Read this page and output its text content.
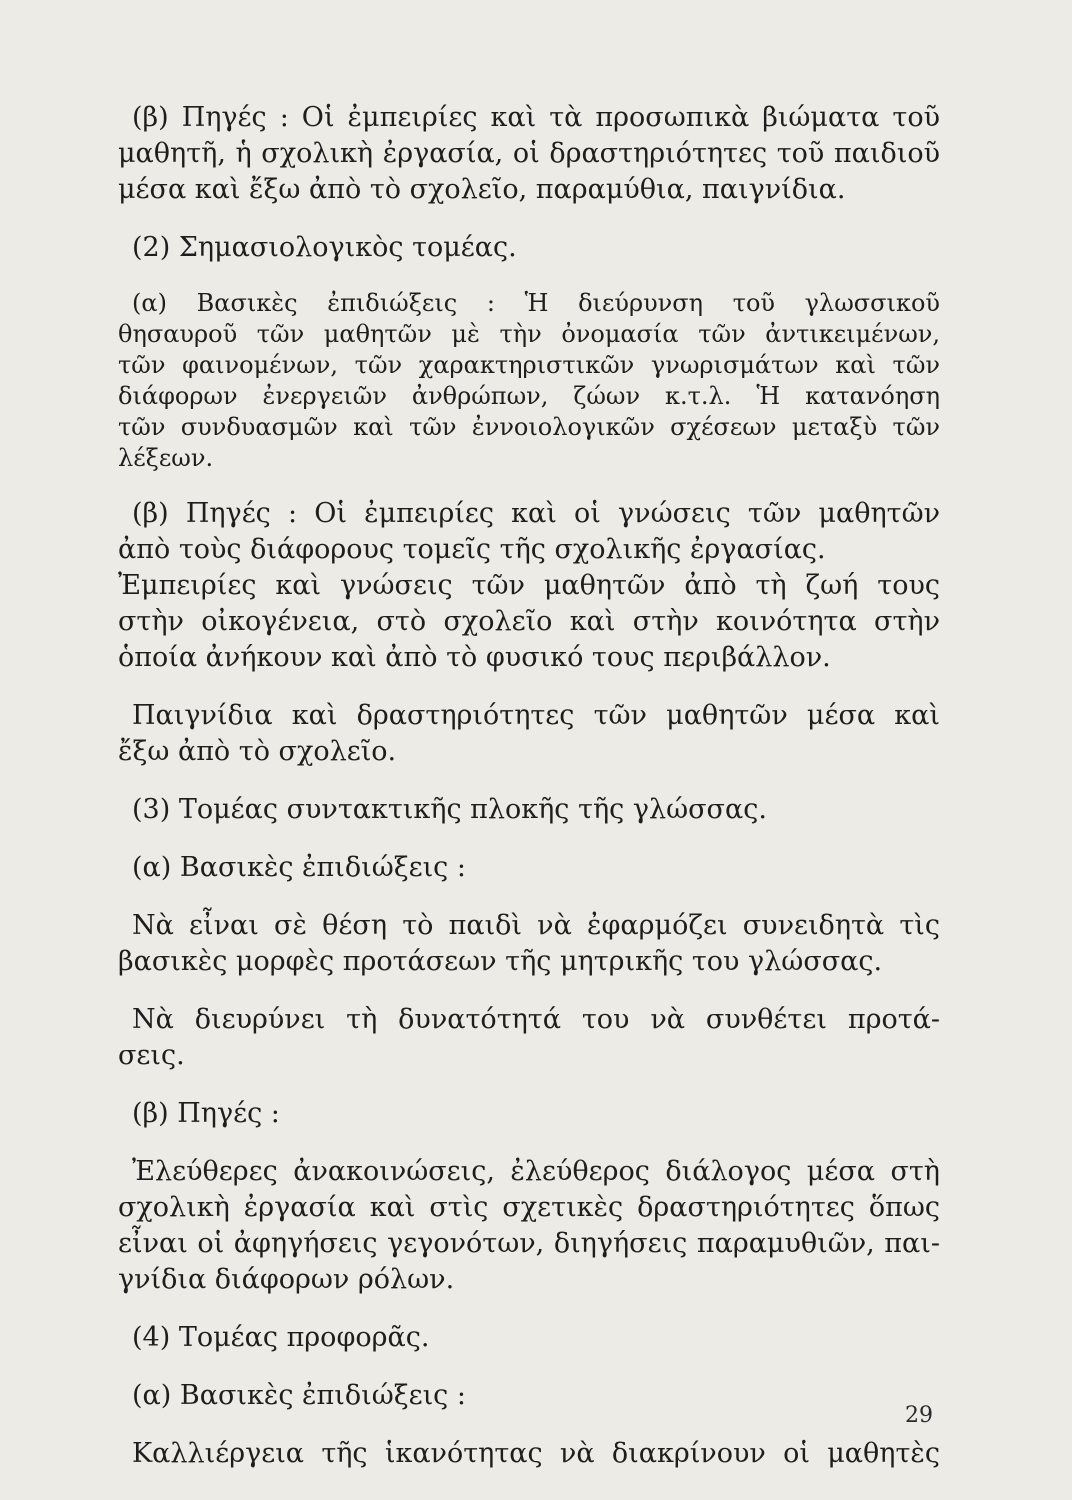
(β) Πηγές : Οἱ ἐμπειρίες καὶ τὰ προσωπικὰ βιώματα τοῦ
μαθητῆ, ἡ σχολικὴ ἐργασία, οἱ δραστηριότητες τοῦ παιδιοῦ
μέσα καὶ ἔξω ἀπὸ τὸ σχολεῖο, παραμύθια, παιγνίδια.
(2) Σημασιολογικὸς τομέας.
(α) Βασικὲς ἐπιδιώξεις : Ἡ διεύρυνση τοῦ γλωσσικοῦ
θησαυροῦ τῶν μαθητῶν μὲ τὴν ὀνομασία τῶν ἀντικειμένων,
τῶν φαινομένων, τῶν χαρακτηριστικῶν γνωρισμάτων καὶ τῶν
διάφορων ἐνεργειῶν ἀνθρώπων, ζώων κ.τ.λ. Ἡ κατανόηση
τῶν συνδυασμῶν καὶ τῶν ἐννοιολογικῶν σχέσεων μεταξὺ τῶν
λέξεων.
(β) Πηγές : Οἱ ἐμπειρίες καὶ οἱ γνώσεις τῶν μαθητῶν
ἀπὸ τοὺς διάφορους τομεῖς τῆς σχολικῆς ἐργασίας.
Ἐμπειρίες καὶ γνώσεις τῶν μαθητῶν ἀπὸ τὴ ζωή τους
στὴν οἰκογένεια, στὸ σχολεῖο καὶ στὴν κοινότητα στὴν
ὁποία ἀνήκουν καὶ ἀπὸ τὸ φυσικό τους περιβάλλον.
Παιγνίδια καὶ δραστηριότητες τῶν μαθητῶν μέσα καὶ
ἔξω ἀπὸ τὸ σχολεῖο.
(3) Τομέας συντακτικῆς πλοκῆς τῆς γλώσσας.
(α) Βασικὲς ἐπιδιώξεις :
Νὰ εἶναι σὲ θέση τὸ παιδὶ νὰ ἐφαρμόζει συνειδητὰ τὶς
βασικὲς μορφὲς προτάσεων τῆς μητρικῆς του γλώσσας.
Νὰ διευρύνει τὴ δυνατότητά του νὰ συνθέτει προτά-
σεις.
(β) Πηγές :
Ἐλεύθερες ἀνακοινώσεις, ἐλεύθερος διάλογος μέσα στὴ
σχολικὴ ἐργασία καὶ στὶς σχετικὲς δραστηριότητες ὅπως
εἶναι οἱ ἀφηγήσεις γεγονότων, διηγήσεις παραμυθιῶν, παι-
γνίδια διάφορων ρόλων.
(4) Τομέας προφορᾶς.
(α) Βασικὲς ἐπιδιώξεις :
Καλλιέργεια τῆς ἱκανότητας νὰ διακρίνουν οἱ μαθητὲς
29
